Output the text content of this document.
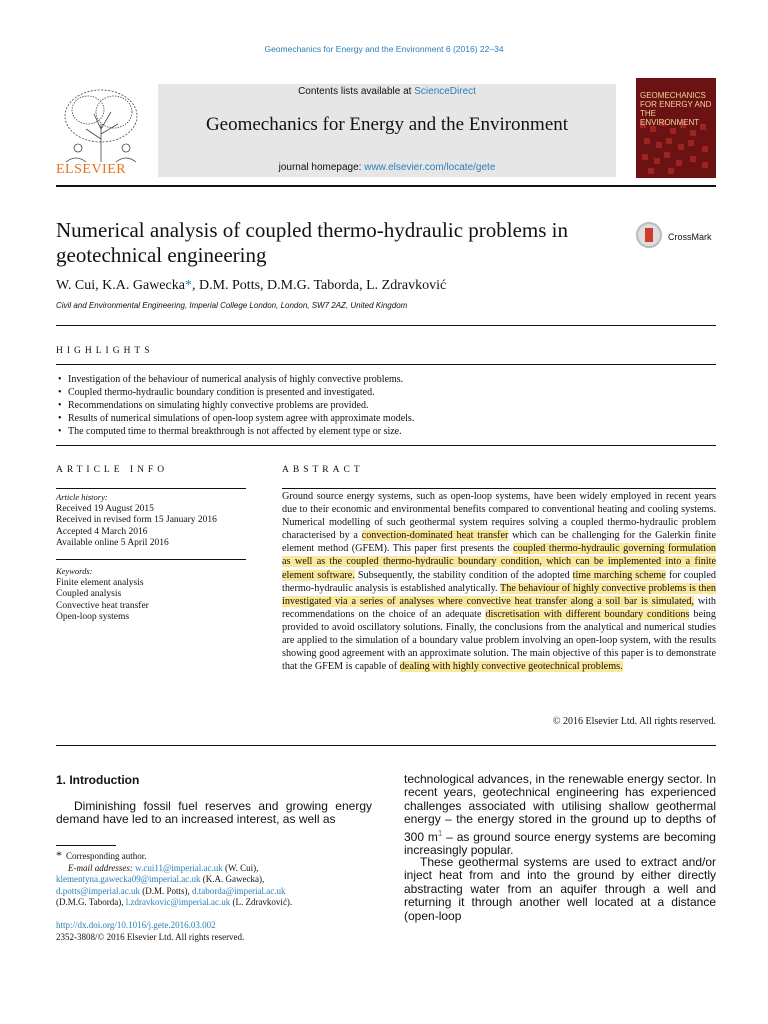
Geomechanics for Energy and the Environment 6 (2016) 22–34
ELSEVIER
Contents lists available at ScienceDirect
Geomechanics for Energy and the Environment
journal homepage: www.elsevier.com/locate/gete
GEOMECHANICS FOR ENERGY AND THE ENVIRONMENT
Numerical analysis of coupled thermo-hydraulic problems in geotechnical engineering
CrossMark
W. Cui, K.A. Gawecka*, D.M. Potts, D.M.G. Taborda, L. Zdravković
Civil and Environmental Engineering, Imperial College London, London, SW7 2AZ, United Kingdom
HIGHLIGHTS
• Investigation of the behaviour of numerical analysis of highly convective problems.
• Coupled thermo-hydraulic boundary condition is presented and investigated.
• Recommendations on simulating highly convective problems are provided.
• Results of numerical simulations of open-loop system agree with approximate models.
• The computed time to thermal breakthrough is not affected by element type or size.
ARTICLE INFO
Article history:
Received 19 August 2015
Received in revised form 15 January 2016
Accepted 4 March 2016
Available online 5 April 2016
Keywords:
Finite element analysis
Coupled analysis
Convective heat transfer
Open-loop systems
ABSTRACT
Ground source energy systems, such as open-loop systems, have been widely employed in recent years due to their economic and environmental benefits compared to conventional heating and cooling systems. Numerical modelling of such geothermal system requires solving a coupled thermo-hydraulic problem characterised by a convection-dominated heat transfer which can be challenging for the Galerkin finite element method (GFEM). This paper first presents the coupled thermo-hydraulic governing formulation as well as the coupled thermo-hydraulic boundary condition, which can be implemented into a finite element software. Subsequently, the stability condition of the adopted time marching scheme for coupled thermo-hydraulic analysis is established analytically. The behaviour of highly convective problems is then investigated via a series of analyses where convective heat transfer along a soil bar is simulated, with recommendations on the choice of an adequate discretisation with different boundary conditions being provided to avoid oscillatory solutions. Finally, the conclusions from the analytical and numerical studies are applied to the simulation of a boundary value problem involving an open-loop system, with the results showing good agreement with an approximate solution. The main objective of this paper is to demonstrate that the GFEM is capable of dealing with highly convective geotechnical problems.
© 2016 Elsevier Ltd. All rights reserved.
1. Introduction
Diminishing fossil fuel reserves and growing energy demand have led to an increased interest, as well as
technological advances, in the renewable energy sector. In recent years, geotechnical engineering has experienced challenges associated with utilising shallow geothermal energy – the energy stored in the ground up to depths of 300 $m^1$ – as ground source energy systems are becoming increasingly popular.
These geothermal systems are used to extract and/or inject heat from and into the ground by either directly abstracting water from an aquifer through a well and returning it through another well located at a distance (open-loop
* Corresponding author.
E-mail addresses: w.cui11@imperial.ac.uk (W. Cui),
klementyna.gawecka09@imperial.ac.uk (K.A. Gawecka),
d.potts@imperial.ac.uk (D.M. Potts), d.taborda@imperial.ac.uk
(D.M.G. Taborda), l.zdravkovic@imperial.ac.uk (L. Zdravković).
http://dx.doi.org/10.1016/j.gete.2016.03.002
2352-3808/© 2016 Elsevier Ltd. All rights reserved.
